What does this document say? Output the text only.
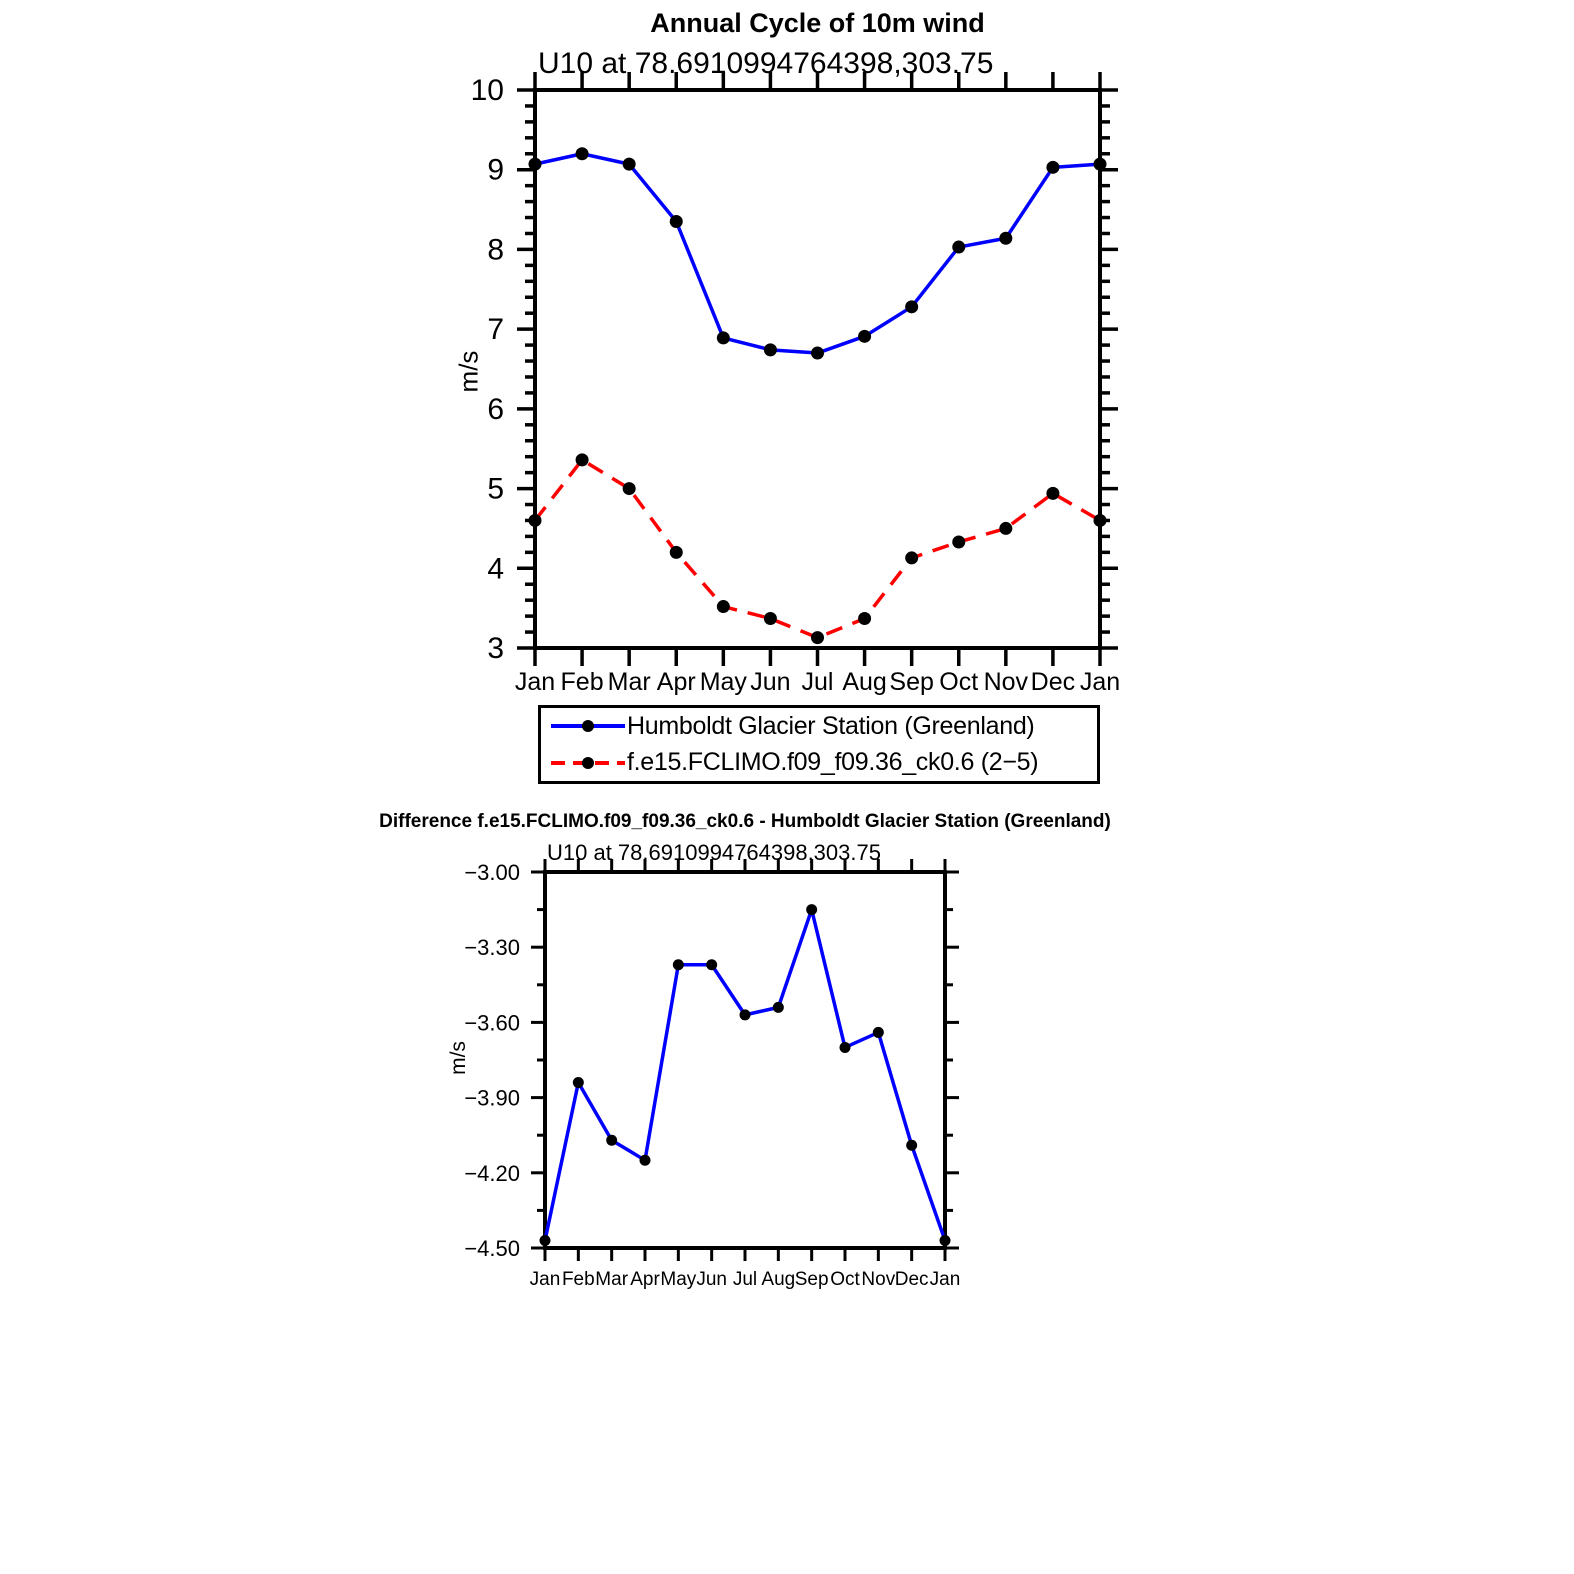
Annual Cycle of 10m wind
U10 at 78.6910994764398,303.75
m/s
3
4
5
6
7
8
9
10
Jan Feb Mar Apr May Jun Jul Aug Sep Oct Nov Dec Jan
Humboldt Glacier Station (Greenland)
f.e15.FCLIMO.f09_f09.36_ck0.6 (2−5)
Difference f.e15.FCLIMO.f09_f09.36_ck0.6 - Humboldt Glacier Station (Greenland)
U10 at 78.6910994764398,303.75
m/s
−3.00
−3.30
−3.60
−3.90
−4.20
−4.50
Jan Feb Mar Apr May Jun Jul Aug Sep Oct Nov Dec Jan
